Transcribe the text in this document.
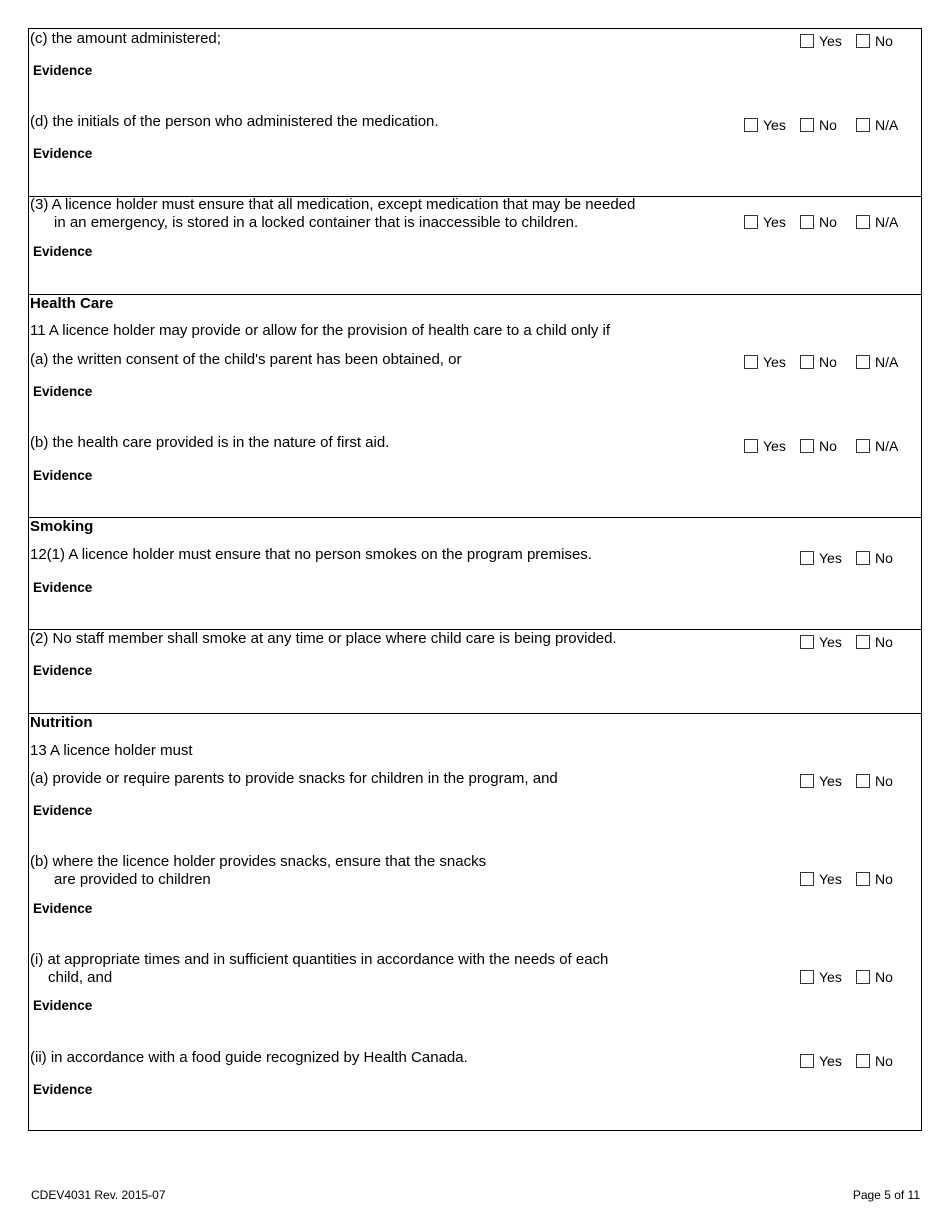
(c) the amount administered;	Yes No
Evidence
(d) the initials of the person who administered the medication.	Yes No	N/A
Evidence
(3) A licence holder must ensure that all medication, except medication that may be needed
in an emergency, is stored in a locked container that is inaccessible to children.	Yes No	N/A
Evidence
Health Care
11 A licence holder may provide or allow for the provision of health care to a child only if
(a) the written consent of the child's parent has been obtained, or	Yes No	N/A
Evidence
(b) the health care provided is in the nature of first aid.	Yes No	N/A
Evidence
Smoking
12(1) A licence holder must ensure that no person smokes on the program premises.	Yes No
Evidence
(2) No staff member shall smoke at any time or place where child care is being provided.	Yes No
Evidence
Nutrition
13 A licence holder must
(a) provide or require parents to provide snacks for children in the program, and	Yes No
Evidence
(b) where the licence holder provides snacks, ensure that the snacks
are provided to children	Yes No
Evidence
(i) at appropriate times and in sufficient quantities in accordance with the needs of each
child, and	Yes No
Evidence
(ii) in accordance with a food guide recognized by Health Canada.	Yes No
Evidence
CDEV4031 Rev. 2015-07	Page 5 of 11
